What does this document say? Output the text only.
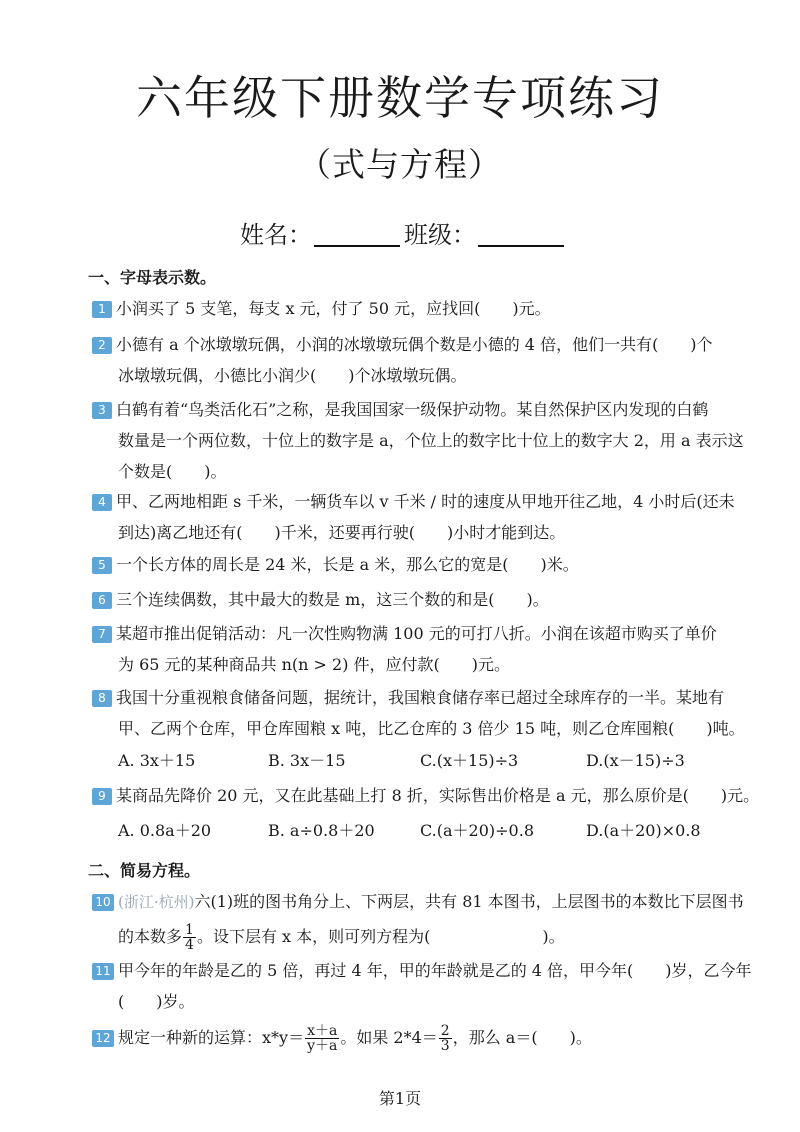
六年级下册数学专项练习
（式与方程）
姓名：	班级：
一、字母表示数。
1 小润买了 5 支笔，每支 x 元，付了 50 元，应找回(　　)元。
2 小德有 a 个冰墩墩玩偶，小润的冰墩墩玩偶个数是小德的 4 倍，他们一共有(　　)个
冰墩墩玩偶，小德比小润少(　　)个冰墩墩玩偶。
3 白鹤有着“鸟类活化石”之称，是我国国家一级保护动物。某自然保护区内发现的白鹤
数量是一个两位数，十位上的数字是 a，个位上的数字比十位上的数字大 2，用 a 表示这
个数是(　　)。
4 甲、乙两地相距 s 千米，一辆货车以 v 千米 / 时的速度从甲地开往乙地，4 小时后(还未
到达)离乙地还有(　　)千米，还要再行驶(　　)小时才能到达。
5 一个长方体的周长是 24 米，长是 a 米，那么它的宽是(　　)米。
6 三个连续偶数，其中最大的数是 m，这三个数的和是(　　)。
7 某超市推出促销活动：凡一次性购物满 100 元的可打八折。小润在该超市购买了单价
为 65 元的某种商品共 n(n > 2) 件，应付款(　　)元。
8 我国十分重视粮食储备问题，据统计，我国粮食储存率已超过全球库存的一半。某地有
甲、乙两个仓库，甲仓库囤粮 x 吨，比乙仓库的 3 倍少 15 吨，则乙仓库囤粮(　　)吨。
A. 3x＋15	B. 3x－15	C.(x＋15)÷3	D.(x－15)÷3
9 某商品先降价 20 元，又在此基础上打 8 折，实际售出价格是 a 元，那么原价是(　　)元。
A. 0.8a＋20	B. a÷0.8＋20	C.(a＋20)÷0.8	D.(a＋20)×0.8
二、简易方程。
10 (浙江·杭州)六(1)班的图书角分上、下两层，共有 81 本图书，上层图书的本数比下层图书
的本数多 $\frac{1}{4}$ 。设下层有 x 本，则可列方程为(　　　　　　　)。
11 甲今年的年龄是乙的 5 倍，再过 4 年，甲的年龄就是乙的 4 倍，甲今年(　　)岁，乙今年
(　　)岁。
12 规定一种新的运算：$x*y= \frac{x+a}{y+a}$ 。如果 $2*4= \frac{2}{3}$ ，那么 a＝(　　)。
第1页
